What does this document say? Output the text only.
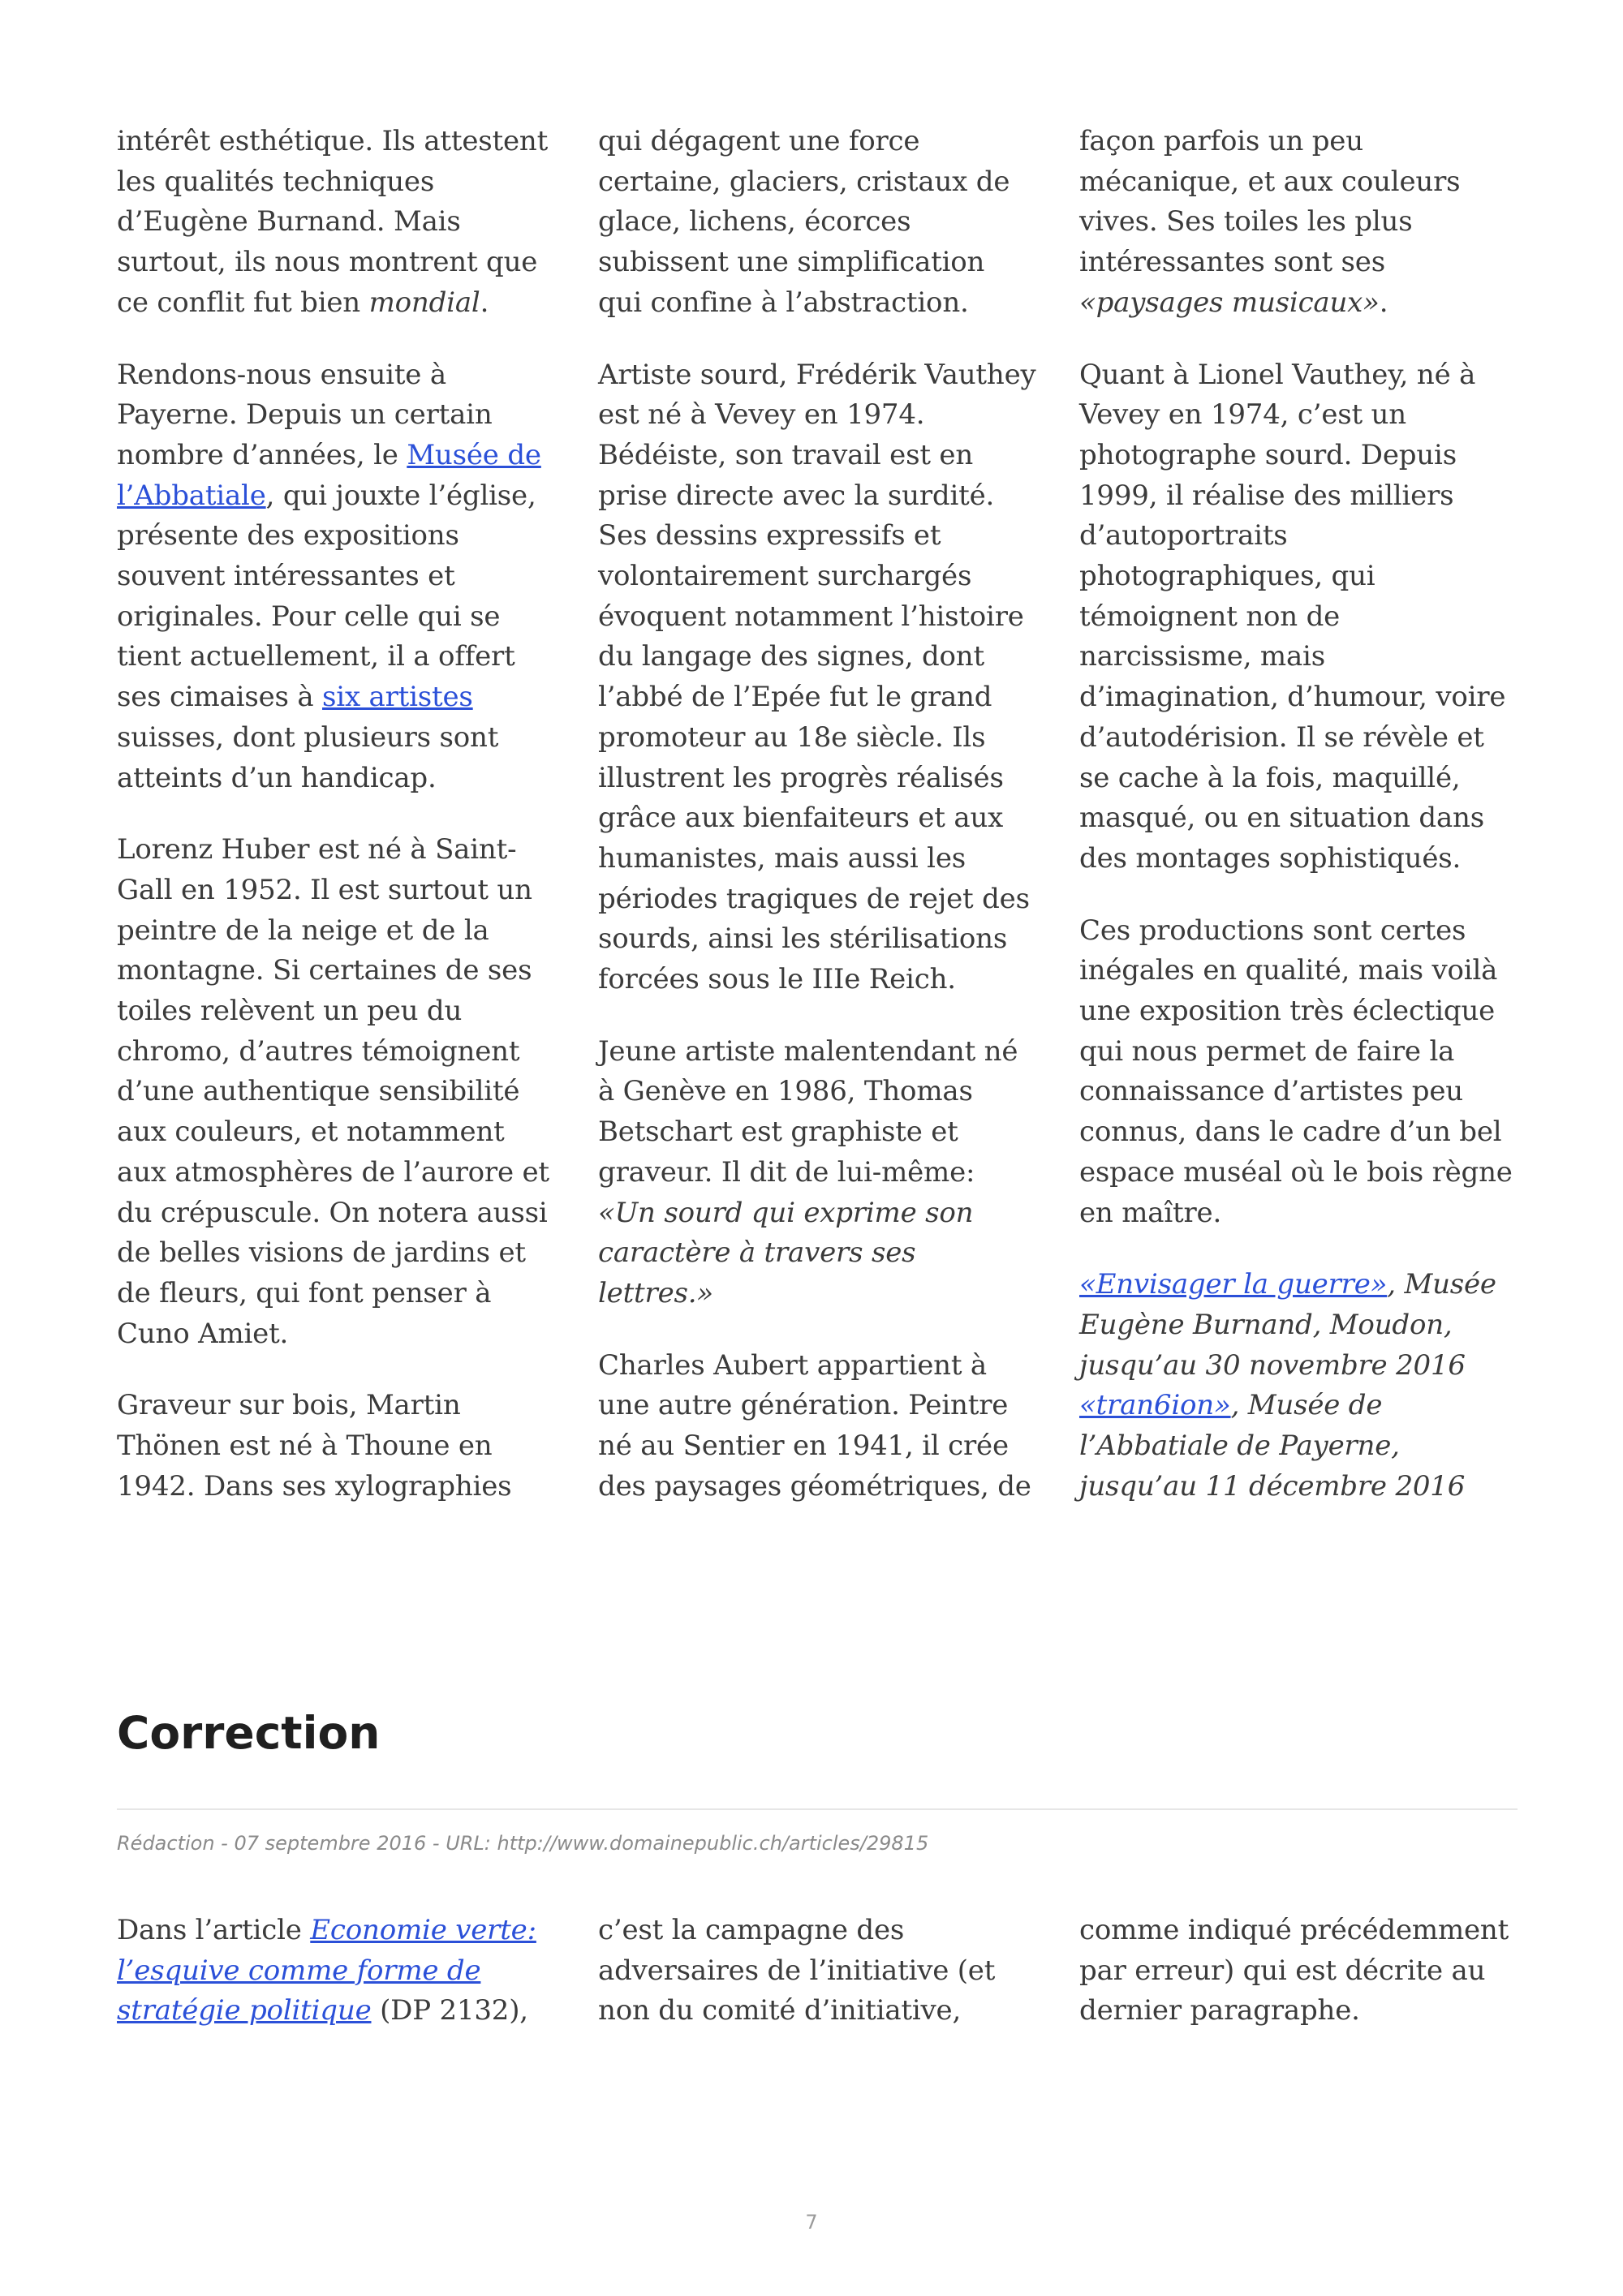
intérêt esthétique. Ils attestent les qualités techniques d’Eugène Burnand. Mais surtout, ils nous montrent que ce conflit fut bien mondial.

Rendons-nous ensuite à Payerne. Depuis un certain nombre d’années, le Musée de l’Abbatiale, qui jouxte l’église, présente des expositions souvent intéressantes et originales. Pour celle qui se tient actuellement, il a offert ses cimaises à six artistes suisses, dont plusieurs sont atteints d’un handicap.

Lorenz Huber est né à Saint-Gall en 1952. Il est surtout un peintre de la neige et de la montagne. Si certaines de ses toiles relèvent un peu du chromo, d’autres témoignent d’une authentique sensibilité aux couleurs, et notamment aux atmosphères de l’aurore et du crépuscule. On notera aussi de belles visions de jardins et de fleurs, qui font penser à Cuno Amiet.

Graveur sur bois, Martin Thönen est né à Thoune en 1942. Dans ses xylographies

qui dégagent une force certaine, glaciers, cristaux de glace, lichens, écorces subissent une simplification qui confine à l’abstraction.

Artiste sourd, Frédérik Vauthey est né à Vevey en 1974. Bédéiste, son travail est en prise directe avec la surdité. Ses dessins expressifs et volontairement surchargés évoquent notamment l’histoire du langage des signes, dont l’abbé de l’Epée fut le grand promoteur au 18e siècle. Ils illustrent les progrès réalisés grâce aux bienfaiteurs et aux humanistes, mais aussi les périodes tragiques de rejet des sourds, ainsi les stérilisations forcées sous le IIIe Reich.

Jeune artiste malentendant né à Genève en 1986, Thomas Betschart est graphiste et graveur. Il dit de lui-même: «Un sourd qui exprime son caractère à travers ses lettres.»

Charles Aubert appartient à une autre génération. Peintre né au Sentier en 1941, il crée des paysages géométriques, de

façon parfois un peu mécanique, et aux couleurs vives. Ses toiles les plus intéressantes sont ses «paysages musicaux».

Quant à Lionel Vauthey, né à Vevey en 1974, c’est un photographe sourd. Depuis 1999, il réalise des milliers d’autoportraits photographiques, qui témoignent non de narcissisme, mais d’imagination, d’humour, voire d’autodérision. Il se révèle et se cache à la fois, maquillé, masqué, ou en situation dans des montages sophistiqués.

Ces productions sont certes inégales en qualité, mais voilà une exposition très éclectique qui nous permet de faire la connaissance d’artistes peu connus, dans le cadre d’un bel espace muséal où le bois règne en maître.

«Envisager la guerre», Musée Eugène Burnand, Moudon, jusqu’au 30 novembre 2016
«tran6ion», Musée de l’Abbatiale de Payerne, jusqu’au 11 décembre 2016

Correction
Rédaction - 07 septembre 2016 - URL: http://www.domainepublic.ch/articles/29815

Dans l’article Economie verte: l’esquive comme forme de stratégie politique (DP 2132),

c’est la campagne des adversaires de l’initiative (et non du comité d’initiative,

comme indiqué précédemment par erreur) qui est décrite au dernier paragraphe.

7
